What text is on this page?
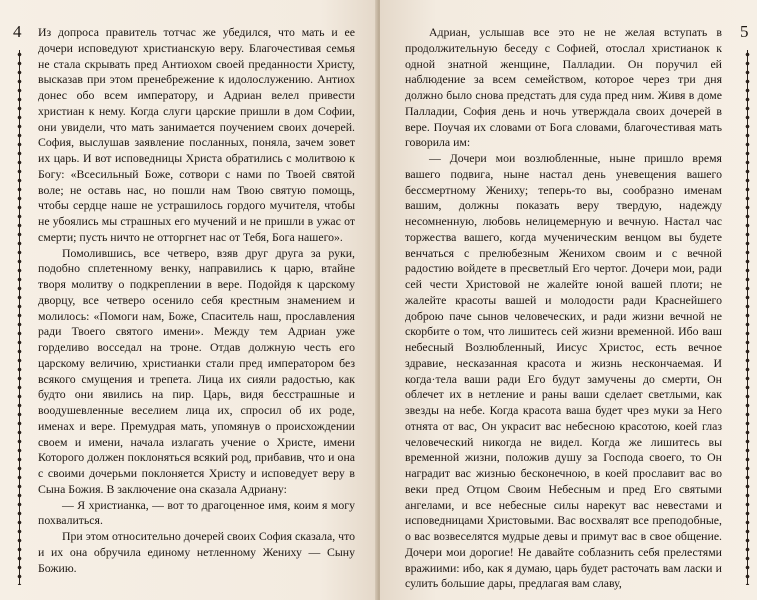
4 Из допроса правитель тотчас же убедился, что мать и ее дочери исповедуют христианскую веру. Благочестивая семья не стала скрывать пред Антиохом своей преданности Христу, высказав при этом пренебрежение к идолослужению. Антиох донес обо всем императору, и Адриан велел привести христиан к нему. Когда слуги царские пришли в дом Софии, они увидели, что мать занимается поучением своих дочерей. София, выслушав заявление посланных, поняла, зачем зовет их царь. И вот исповедницы Христа обратились с молитвою к Богу: «Всесильный Боже, сотвори с нами по Твоей святой воле; не оставь нас, но пошли нам Твою святую помощь, чтобы сердце наше не устрашилось гордого мучителя, чтобы не убоялись мы страшных его мучений и не пришли в ужас от смерти; пусть ничто не отторгнет нас от Тебя, Бога нашего».

Помолившись, все четверо, взяв друг друга за руки, подобно сплетенному венку, направились к царю, втайне творя молитву о подкреплении в вере. Подойдя к царскому дворцу, все четверо осенило себя крестным знамением и молилось: «Помоги нам, Боже, Спаситель наш, прославления ради Твоего святого имени». Между тем Адриан уже горделиво восседал на троне. Отдав должную честь его царскому величию, христианки стали пред императором без всякого смущения и трепета. Лица их сияли радостью, как будто они явились на пир. Царь, видя бесстрашные и воодушевленные веселием лица их, спросил об их роде, именах и вере. Премудрая мать, упомянув о происхождении своем и имени, начала излагать учение о Христе, имени Которого должен поклоняться всякий род, прибавив, что и она с своими дочерьми поклоняется Христу и исповедует веру в Сына Божия. В заключение она сказала Адриану:

— Я христианка, — вот то драгоценное имя, коим я могу похвалиться.

При этом относительно дочерей своих София сказала, что и их она обручила единому нетленному Жениху — Сыну Божию.

5

Адриан, услышав все это не не желая вступать в продолжительную беседу с Софией, отослал христианок к одной знатной женщине, Палладии. Он поручил ей наблюдение за всем семейством, которое через три дня должно было снова предстать для суда пред ним. Живя в доме Палладии, София день и ночь утверждала своих дочерей в вере. Поучая их словами от Бога словами, благочестивая мать говорила им:

— Дочери мои возлюбленные, ныне пришло время вашего подвига, ныне настал день уневещения вашего бессмертному Жениху; теперь-то вы, сообразно именам вашим, должны показать веру твердую, надежду несомненную, любовь нелицемерную и вечную. Настал час торжества вашего, когда мученическим венцом вы будете венчаться с прелюбезным Женихом своим и с вечной радостию войдете в пресветлый Его чертог. Дочери мои, ради сей чести Христовой не жалейте юной вашей плоти; не жалейте красоты вашей и молодости ради Краснейшего доброю паче сынов человеческих, и ради жизни вечной не скорбите о том, что лишитесь сей жизни временной. Ибо ваш небесный Возлюбленный, Иисус Христос, есть вечное здравие, несказанная красота и жизнь нескончаемая. И когда·тела ваши ради Его будут замучены до смерти, Он облечет их в нетление и раны ваши сделает светлыми, как звезды на небе. Когда красота ваша будет чрез муки за Него отнята от вас, Он украсит вас небесною красотою, коей глаз человеческий никогда не видел. Когда же лишитесь вы временной жизни, положив душу за Господа своего, то Он наградит вас жизнью бесконечною, в коей прославит вас во веки пред Отцом Своим Небесным и пред Его святыми ангелами, и все небесные силы нарекут вас невестами и исповедницами Христовыми. Вас восхвалят все преподобные, о вас возвеселятся мудрые девы и примут вас в свое общение. Дочери мои дорогие! Не давайте соблазнить себя прелестями вражиими: ибо, как я думаю, царь будет расточать вам ласки и сулить большие дары, предлагая вам славу,
